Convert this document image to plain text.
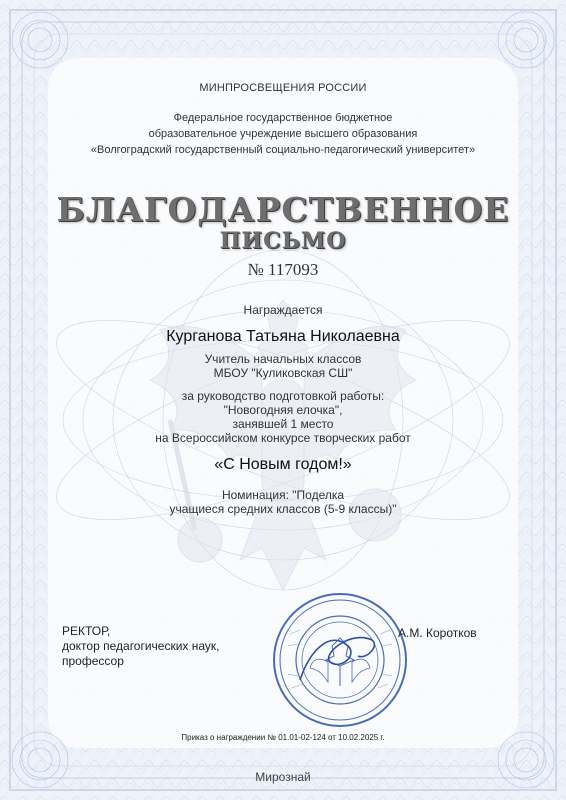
МИНПРОСВЕЩЕНИЯ РОССИИ
Федеральное государственное бюджетное
образовательное учреждение высшего образования
«Волгоградский государственный социально-педагогический университет»
БЛАГОДАРСТВЕННОЕ
ПИСЬМО
№ 117093
Награждается
Курганова Татьяна Николаевна
Учитель начальных классов
МБОУ "Куликовская СШ"
за руководство подготовкой работы:
"Новогодняя елочка",
занявшей 1 место
на Всероссийском конкурсе творческих работ
«С Новым годом!»
Номинация: "Поделка
учащиеся средних классов (5-9 классы)"
РЕКТОР,
доктор педагогических наук,
профессор
А.М. Коротков
Приказ о награждении № 01.01-02-124 от 10.02.2025 г.
Мирознай
